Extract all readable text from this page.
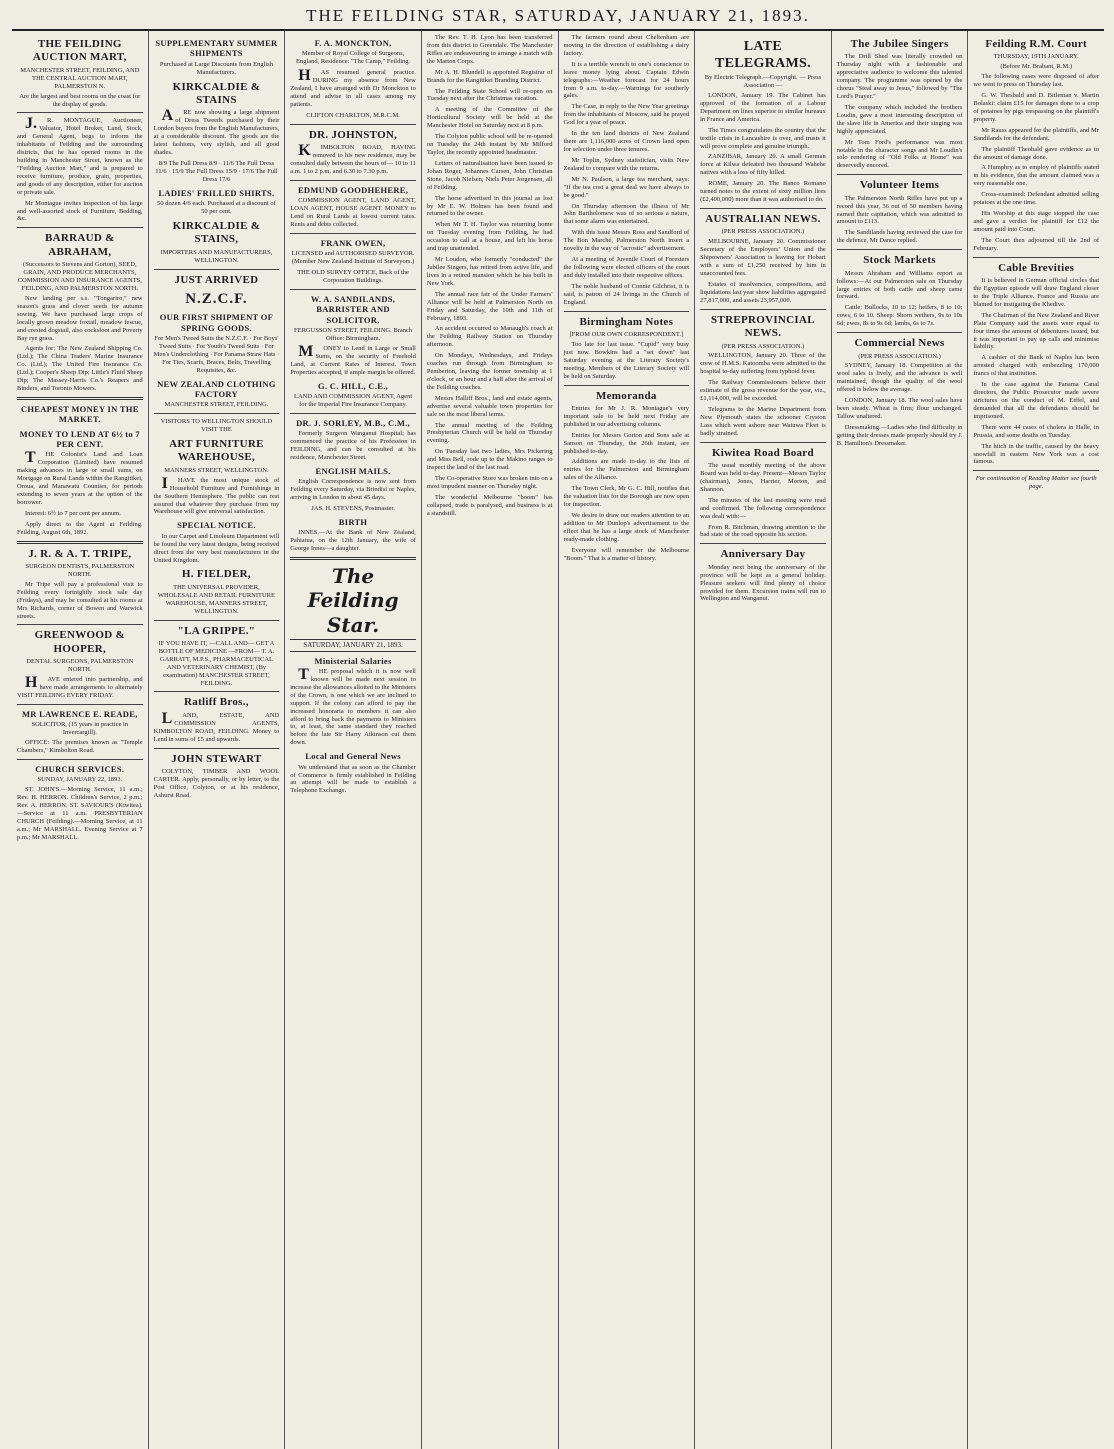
THE FEILDING STAR, SATURDAY, JANUARY 21, 1893.
THE FEILDING AUCTION MART,
MANCHESTER STREET, FEILDING, AND THE CENTRAL AUCTION MART, PALMERSTON N.

Are the largest and best rooms on the coast for the display of goods.

J.R. MONTAGUE, Auctioneer, Valuator, Hotel Broker, Land, Stock, and General Agent, begs to inform the inhabitants of Feilding and the surrounding districts, that he has opened rooms in the building in Manchester Street, known as the "Feilding Auction Mart," and is prepared to receive furniture, produce, grain, properties, and goods of any description, either for auction or private sale.

Mr Montague invites inspection of his large and well-assorted stock of Furniture, Bedding, &c.

BARRAUD & ABRAHAM,
(Successors to Stevens and Gorton), SEED, GRAIN, AND PRODUCE MERCHANTS, COMMISSION AND INSURANCE AGENTS, FEILDING, AND PALMERSTON NORTH.

New landing per s.s. "Tongariro," new season's grass and clover seeds for autumn sowing. We have purchased large crops of locally grown meadow foxtail, meadow fescue, and crested dogstail, also cocksfoot and Poverty Bay rye grass.

Agents for: The New Zealand Shipping Co. (Ltd.); The China Traders' Marine Insurance Co. (Ltd.); The United Fire Insurance Co. (Ltd.); Cooper's Sheep Dip; Little's Fluid Sheep Dip; The Massey-Harris Co.'s Reapers and Binders, and Toronto Mowers.

CHEAPEST MONEY IN THE MARKET.
MONEY TO LEND AT 6½ to 7 PER CENT.

THE Colonist's Land and Loan Corporation (Limited) have resumed making advances in large or small sums, on Mortgage on Rural Lands within the Rangitikei, Oroua, and Manawatu Counties, for periods extending to seven years at the option of the borrower.

Interest: 6½ to 7 per cent per annum.

Apply direct to the Agent at Feilding. Feilding, August 6th, 1892.

J. R. & A. T. TRIPE,
SURGEON DENTISTS, PALMERSTON NORTH.

Mr Tripe will pay a professional visit to Feilding every fortnightly stock sale day (Fridays), and may be consulted at his rooms at Mrs Richards, corner of Bowen and Warwick streets.

GREENWOOD & HOOPER,
DENTAL SURGEONS, PALMERSTON NORTH.

HAVE entered into partnership, and have made arrangements to alternately VISIT FEILDING EVERY FRIDAY.

MR LAWRENCE E. READE,
SOLICITOR, (15 years in practice in Invercargill).

OFFICE: The premises known as "Temple Chambers," Kimbolton Road.

CHURCH SERVICES.
SUNDAY, JANUARY 22, 1893.

ST. JOHN'S.—Morning Service, 11 a.m.; Rev. H. HERRON. Children's Service, 2 p.m.; Rev. A. HERRON. ST. SAVIOUR'S (Kiwitea).—Service at 11 a.m. PRESBYTERIAN CHURCH (Feilding).—Morning Service, at 11 a.m.; Mr MARSHALL. Evening Service at 7 p.m.; Mr MARSHALL.

SUPPLEMENTARY SUMMER SHIPMENTS
Purchased at Large Discounts from English Manufacturers.
KIRKCALDIE & STAINS

ARE now showing a large shipment of Dress Tweeds purchased by their London buyers from the English Manufacturers, at a considerable discount. The goods are the latest fashions, very stylish, and all good shades.

8/9 The Full Dress 8/9 · 11/6 The Full Dress 11/6 · 15/9 The Full Dress 15/9 · 17/6 The Full Dress 17/6

LADIES' FRILLED SHIRTS.

50 dozen 4/6 each. Purchased at a discount of 50 per cent.

KIRKCALDIE & STAINS,
IMPORTERS AND MANUFACTURERS, WELLINGTON.
JUST ARRIVED
N.Z.C.F.
OUR FIRST SHIPMENT OF SPRING GOODS.

For Men's Tweed Suits the N.Z.C.F. · For Boys' Tweed Suits · For Youth's Tweed Suits · For Men's Underclothing · For Panama Straw Hats · For Ties, Scarfs, Braces, Belts, Travelling Requisites, &c.

NEW ZEALAND CLOTHING FACTORY
MANCHESTER STREET, FEILDING.
VISITORS TO WELLINGTON SHOULD VISIT THE
ART FURNITURE WAREHOUSE,
MANNERS STREET, WELLINGTON.

IHAVE the most unique stock of Household Furniture and Furnishings in the Southern Hemisphere. The public can rest assured that whatever they purchase from my Warehouse will give universal satisfaction.

SPECIAL NOTICE.

In our Carpet and Linoleum Department will be found the very latest designs, being received direct from the very best manufacturers in the United Kingdom.

H. FIELDER,
THE UNIVERSAL PROVIDER, WHOLESALE AND RETAIL FURNITURE WAREHOUSE, MANNERS STREET, WELLINGTON.
"LA GRIPPE."

IF YOU HAVE IT, —CALL AND— GET A BOTTLE OF MEDICINE —FROM— T. A. GARRATT, M.P.S., PHARMACEUTICAL AND VETERINARY CHEMIST, (By examination) MANCHESTER STREET, FEILDING.

Ratliff Bros.,

LAND, ESTATE, AND COMMISSION AGENTS, KIMBOLTON ROAD, FEILDING. Money to Lend in sums of £5 and upwards.

JOHN STEWART

COLYTON, TIMBER AND WOOL CARTER. Apply, personally, or by letter, to the Post Office, Colyton, or at his residence, Ashurst Road.

F. A. MONCKTON,

Member of Royal College of Surgeons, England, Residence: "The Camp," Feilding.

HAS resumed general practice. DURING my absence from New Zealand, I have arranged with Dr Monckton to attend and advise in all cases among my patients.

CLIFTON CHARLTON, M.R.C.M.
DR. JOHNSTON,

KIMBOLTON ROAD, HAVING removed to his new residence, may be consulted daily between the hours of— 10 to 11 a.m. 1 to 2 p.m. and 6.30 to 7.30 p.m.

EDMUND GOODHEHERE,

COMMISSION AGENT, LAND AGENT, LOAN AGENT, HOUSE AGENT. MONEY to Lend on Rural Lands at lowest current rates. Rents and debts collected.

FRANK OWEN,

LICENSED and AUTHORISED SURVEYOR. (Member New Zealand Institute of Surveyors.)

THE OLD SURVEY OFFICE, Back of the Corporation Buildings.
W. A. SANDILANDS, BARRISTER AND SOLICITOR,
FERGUSSON STREET, FEILDING. Branch Office: Birmingham.

MONEY to Lend in Large or Small Sums, on the security of Freehold Land, at Current Rates of Interest. Town Properties accepted, if ample margin be offered.

G. C. HILL, C.E.,

LAND AND COMMISSION AGENT, Agent for the Imperial Fire Insurance Company.

DR. J. SORLEY, M.B., C.M.,

Formerly Surgeon Wanganui Hospital; has commenced the practice of his Profession in FEILDING, and can be consulted at his residence, Manchester Street.

ENGLISH MAILS.

English Correspondence is now sent from Feilding every Saturday, via Brindisi or Naples, arriving in London in about 45 days.

JAS. H. STEVENS, Postmaster.
BIRTH

INNES.—At the Bank of New Zealand, Pahiatua, on the 12th January, the wife of George Innes—a daughter.

The Feilding Star.
SATURDAY, JANUARY 21, 1893.
Ministerial Salaries

THE proposal which it is now well known will be made next session to increase the allowances allotted to the Ministers of the Crown, is one which we are inclined to support. If the colony can afford to pay the increased honoraria to members it can also afford to bring back the payments to Ministers to, at least, the same standard they reached before the late Sir Harry Atkinson cut them down.

Local and General News

We understand that as soon as the Chamber of Commerce is firmly established in Feilding an attempt will be made to establish a Telephone Exchange.

The Rev. T. H. Lyon has been transferred from this district to Greendale. The Manchester Rifles are endeavouring to arrange a match with the Marton Corps.

Mr A. H. Blundell is appointed Registrar of Brands for the Rangitikei Branding District.

The Feilding State School will re-open on Tuesday next after the Christmas vacation.

A meeting of the Committee of the Horticultural Society will be held at the Manchester Hotel on Saturday next at 8 p.m.

The Colyton public school will be re-opened on Tuesday the 24th instant by Mr Milford Taylor, the recently appointed headmaster.

Letters of naturalisation have been issued to Johan Roger, Johannes Carsen, John Christian Stone, Jacob Nielsen, Niels Peter Jorgensen, all of Feilding.

The horse advertised in this journal as lost by Mr E. W. Holmes has been found and returned to the owner.

When Mr T. H. Taylor was returning home on Tuesday evening from Feilding, he had occasion to call at a house, and left his horse and trap unattended.

Mr Loudon, who formerly "conducted" the Jubilee Singers, has retired from active life, and lives in a retired mansion which he has built in New York.

The annual race fair of the Under Farmers' Alliance will be held at Palmerston North on Friday and Saturday, the 10th and 11th of February, 1893.

An accident occurred to Manaugh's coach at the Feilding Railway Station on Thursday afternoon.

On Mondays, Wednesdays, and Fridays coaches run through from Birmingham to Pemberton, leaving the former township at 1 o'clock, or an hour and a half after the arrival of the Feilding coaches.

Messrs Halliff Bros., land and estate agents, advertise several valuable town properties for sale on the most liberal terms.

The annual meeting of the Feilding Presbyterian Church will be held on Thursday evening.

On Tuesday last two ladies, Mrs Pickering and Miss Bell, rode up to the Makino ranges to inspect the land of the last road.

The Co-operative Store was broken into on a most impudent manner on Thursday night.

The wonderful Melbourne "boom" has collapsed, trade is paralysed, and business is at a standstill.

The farmers round about Cheltenham are moving in the direction of establishing a dairy factory.

It is a terrible wrench to one's conscience to leave money lying about. Captain Edwin telegraphs:—Weather forecast for 24 hours from 9 a.m. to-day.—Warnings for southerly gales.

The Case, in reply to the New Year greetings from the inhabitants of Moscow, said he prayed God for a year of peace.

In the ten land districts of New Zealand there are 1,116,000 acres of Crown land open for selection under three tenures.

Mr Toplin, Sydney statistician, visits New Zealand to compare with the returns.

Mr N. Paulson, a large tea merchant, says: "If the tea cost a great deal we have always to be good."

On Thursday afternoon the illness of Mr John Bartholomew was of so serious a nature, that some alarm was entertained.

With this issue Messrs Ross and Sandford of The Bon Marché, Palmerston North insert a novelty in the way of "acrostic" advertisement.

At a meeting of Juvenile Court of Foresters the following were elected officers of the court and duly installed into their respective offices.

The noble husband of Connie Gilchrist, it is said, is patron of 24 livings in the Church of England.

Birmingham Notes
[FROM OUR OWN CORRESPONDENT.]

Too late for last issue. "Cupid" very busy just now. Bowkins had a "set down" last Saturday evening at the Literary Society's meeting. Members of the Literary Society will be held on Saturday.

Memoranda

Entries for Mr J. R. Montague's very important sale to be held next Friday are published in our advertising columns.

Entries for Messrs Gorton and Sons sale at Sanson on Thursday, the 26th instant, are published to-day.

Additions are made to-day to the lists of entries for the Palmerston and Birmingham sales of the Alliance.

The Town Clerk, Mr G. C. Hill, notifies that the valuation lists for the Borough are now open for inspection.

We desire to draw our readers attention to an addition to Mr Dunlop's advertisement to the effect that he has a large stock of Manchester ready-made clothing.

Everyone will remember the Melbourne "Boom." That is a matter of history.

LATE TELEGRAMS.
By Electric Telegraph.—Copyright. — Press Association —

LONDON, January 19. The Cabinet has approved of the formation of a Labour Department on lines superior to similar bureaux in France and America.

The Times congratulates the country that the textile crisis in Lancashire is over, and trusts it will prove complete and genuine triumph.

ZANZIBAR, January 20. A small German force at Kilwa defeated two thousand Wahehe natives with a loss of fifty killed.

ROME, January 20. The Banco Romano turned notes to the extent of sixty million lires (£2,400,000) more than it was authorised to do.

AUSTRALIAN NEWS.
(PER PRESS ASSOCIATION.)

MELBOURNE, January 20. Commissioner Secretary of the Employers' Union and the Shipowners' Association is leaving for Hobart with a sum of £1,250 received by him in unaccounted fees.

Estates of insolvencies, compositions, and liquidations last year show liabilities aggregated 27,817,000, and assets 23,957,000.

STREPROVINCIAL NEWS.
(PER PRESS ASSOCIATION.)

WELLINGTON, January 20. Three of the crew of H.M.S. Katoomba were admitted to the hospital to-day suffering from typhoid fever.

The Railway Commissioners believe their estimate of the gross revenue for the year, viz., £1,114,000, will be exceeded.

Telegrams to the Marine Department from New Plymouth states the schooner Cryston Lass which went ashore near Waiuwa Fleet is badly strained.

Kiwitea Road Board

The usual monthly meeting of the above Board was held to-day. Present—Messrs Taylor (chairman), Jones, Harrier, Morton, and Shannon.

The minutes of the last meeting were read and confirmed. The following correspondence was dealt with:—

From R. Bitchman, drawing attention to the bad state of the road opposite his section.

Anniversary Day

Monday next being the anniversary of the province will be kept as a general holiday. Pleasure seekers will find plenty of choice provided for them. Excursion trains will run to Wellington and Wanganui.

The Jubilee Singers

The Drill Shed was literally crowded on Thursday night with a fashionable and appreciative audience to welcome this talented company. The programme was opened by the chorus "Steal away to Jesus," followed by "The Lord's Prayer."

The company which included the brothers Loudin, gave a most interesting description of the slave life in America and their singing was highly appreciated.

Mr Tom Ford's performance was most notable in the character songs and Mr Loudin's solo rendering of "Old Folks at Home" was deservedly encored.

Volunteer Items

The Palmerston North Rifles have put up a record this year, 36 out of 50 members having earned their capitation, which was admitted to amount to £113.

The Sandilands having reviewed the case for the defence, Mr Dance replied.

Stock Markets

Messrs Abraham and Williams report as follows:—At our Palmerston sale on Thursday large entries of both cattle and sheep came forward.

Cattle: Bullocks, 10 to 12; heifers, 8 to 10; cows, 6 to 10. Sheep: Shorn wethers, 9s to 10s 6d; ewes, 8s to 9s 6d; lambs, 6s to 7s.

Commercial News
(PER PRESS ASSOCIATION.)

SYDNEY, January 18. Competition at the wool sales is lively, and the advance is well maintained, though the quality of the wool offered is below the average.

LONDON, January 18. The wool sales have been steady. Wheat is firm; flour unchanged. Tallow unaltered.

Dressmaking.—Ladies who find difficulty in getting their dresses made properly should try J. B. Hamilton's Dressmaker.

Feilding R.M. Court
THURSDAY, 19TH JANUARY.
(Before Mr. Brabant, R.M.)

The following cases were disposed of after we went to press on Thursday last.

G. W. Thesbald and D. Bitleman v. Martin Bolaski: claim £15 for damages done to a crop of potatoes by pigs trespassing on the plaintiff's property.

Mr Rauss appeared for the plaintiffs, and Mr Sandilands for the defendant.

The plaintiff Theobald gave evidence as to the amount of damage done.

A Humphry as to employ of plaintiffs stated in his evidence, that the amount claimed was a very reasonable one.

Cross-examined: Defendant admitted selling potatoes at the one time.

His Worship at this stage stopped the case and gave a verdict for plaintiff for £12 the amount paid into Court.

The Court then adjourned till the 2nd of February.

Cable Brevities

It is believed in German official circles that the Egyptian episode will draw England closer to the Triple Alliance. France and Russia are blamed for instigating the Khedive.

The Chairman of the New Zealand and River Plate Company said the assets were equal to four times the amount of debentures issued, but it was important to pay up calls and minimise liability.

A cashier of the Bank of Naples has been arrested charged with embezzling 170,000 francs of that institution.

In the case against the Panama Canal directors, the Public Prosecutor made severe strictures on the conduct of M. Eiffel, and demanded that all the defendants should be imprisoned.

There were 44 cases of cholera in Halle, in Prussia, and some deaths on Tuesday.

The hitch in the traffic, caused by the heavy snowfall in eastern New York was a cost famous.

For continuation of Reading Matter see fourth page.
